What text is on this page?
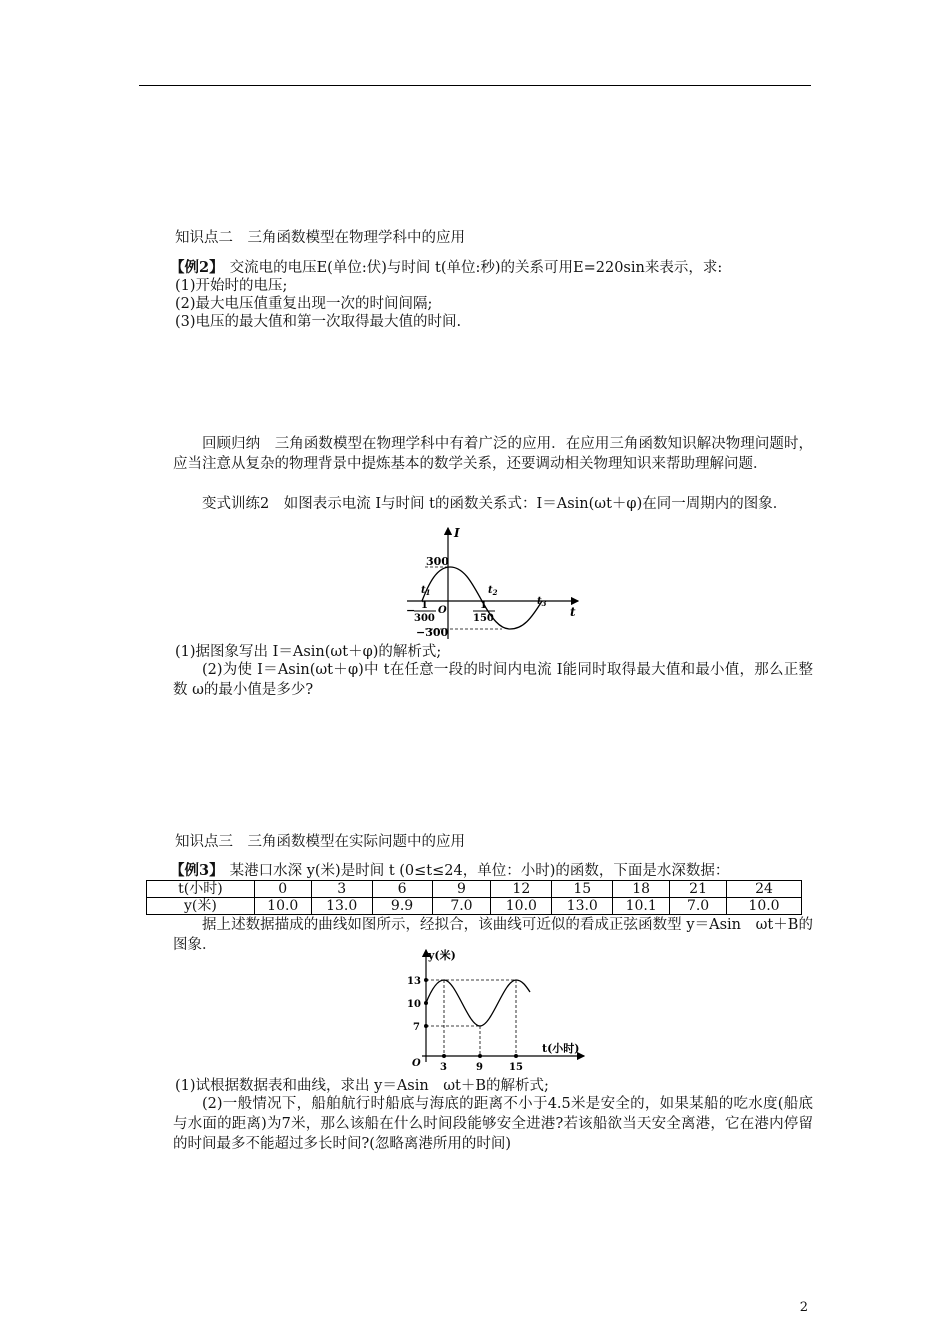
知识点二　三角函数模型在物理学科中的应用
【例2】 交流电的电压E(单位:伏)与时间 t(单位:秒)的关系可用E=220sin来表示，求:
(1)开始时的电压;
(2)最大电压值重复出现一次的时间间隔;
(3)电压的最大值和第一次取得最大值的时间.
回顾归纳　三角函数模型在物理学科中有着广泛的应用．在应用三角函数知识解决物理问题时，应当注意从复杂的物理背景中提炼基本的数学关系，还要调动相关物理知识来帮助理解问题．
变式训练2　如图表示电流 I与时间 t的函数关系式：I＝Asin(ωt＋φ)在同一周期内的图象．
I
t
O
300
−300
$t_1$	$t_2$
$t_3$
− 1
300
1
150
(1)据图象写出 I＝Asin(ωt＋φ)的解析式;
(2)为使 I＝Asin(ωt＋φ)中 t在任意一段的时间内电流 I能同时取得最大值和最小值，那么正整数 ω的最小值是多少?
知识点三　三角函数模型在实际问题中的应用
【例3】 某港口水深 y(米)是时间 t (0≤t≤24，单位：小时)的函数，下面是水深数据：
t(小时)	0	3	6	9	12	15	18	21	24
y(米)	10.0	13.0	9.9	7.0	10.0	13.0	10.1	7.0	10.0
据上述数据描成的曲线如图所示，经拟合，该曲线可近似的看成正弦函数型 y＝Asin　ωt＋B的图象．
y(米)
t(小时)
O
13
10
7
3	9	15
(1)试根据数据表和曲线，求出 y＝Asin　ωt＋B的解析式;
(2)一般情况下，船舶航行时船底与海底的距离不小于4.5米是安全的，如果某船的吃水度(船底与水面的距离)为7米，那么该船在什么时间段能够安全进港?若该船欲当天安全离港，它在港内停留的时间最多不能超过多长时间?(忽略离港所用的时间)
2
